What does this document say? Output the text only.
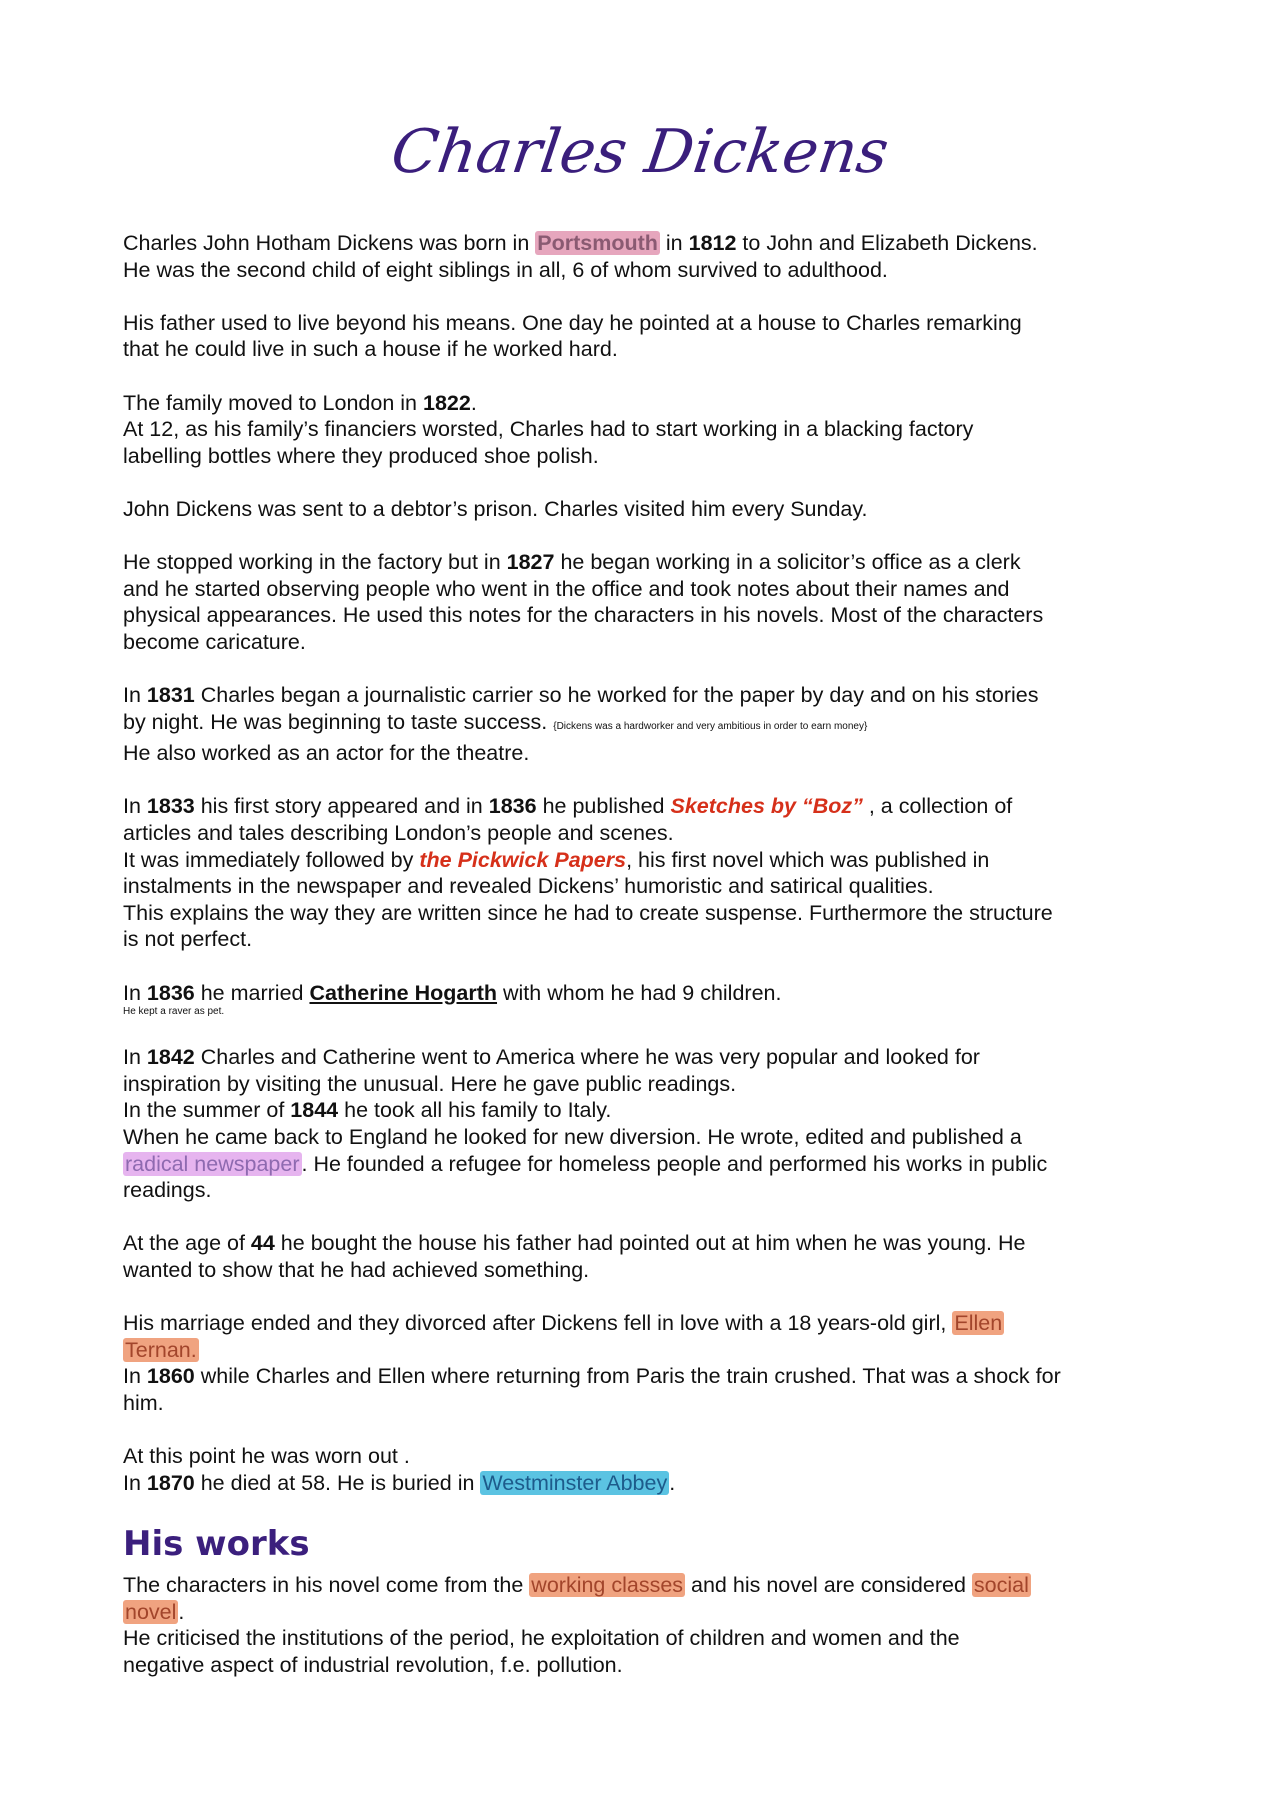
Charles Dickens
Charles John Hotham Dickens was born in Portsmouth in 1812 to John and Elizabeth Dickens.
He was the second child of eight siblings in all, 6 of whom survived to adulthood.
His father used to live beyond his means. One day he pointed at a house to Charles remarking
that he could live in such a house if he worked hard.
The family moved to London in 1822.
At 12, as his family’s financiers worsted, Charles had to start working in a blacking factory
labelling bottles where they produced shoe polish.
John Dickens was sent to a debtor’s prison. Charles visited him every Sunday.
He stopped working in the factory but in 1827 he began working in a solicitor’s office as a clerk
and he started observing people who went in the office and took notes about their names and
physical appearances. He used this notes for the characters in his novels. Most of the characters
become caricature.
In 1831 Charles began a journalistic carrier so he worked for the paper by day and on his stories
by night. He was beginning to taste success. {Dickens was a hardworker and very ambitious in order to earn money}
He also worked as an actor for the theatre.
In 1833 his first story appeared and in 1836 he published Sketches by “Boz” , a collection of
articles and tales describing London’s people and scenes.
It was immediately followed by the Pickwick Papers, his first novel which was published in
instalments in the newspaper and revealed Dickens’ humoristic and satirical qualities.
This explains the way they are written since he had to create suspense. Furthermore the structure
is not perfect.
In 1836 he married Catherine Hogarth with whom he had 9 children.
He kept a raver as pet.
In 1842 Charles and Catherine went to America where he was very popular and looked for
inspiration by visiting the unusual. Here he gave public readings.
In the summer of 1844 he took all his family to Italy.
When he came back to England he looked for new diversion. He wrote, edited and published a
radical newspaper. He founded a refugee for homeless people and performed his works in public
readings.
At the age of 44 he bought the house his father had pointed out at him when he was young. He
wanted to show that he had achieved something.
His marriage ended and they divorced after Dickens fell in love with a 18 years-old girl, Ellen
Ternan.
In 1860 while Charles and Ellen where returning from Paris the train crushed. That was a shock for
him.
At this point he was worn out .
In 1870 he died at 58. He is buried in Westminster Abbey.
His works
The characters in his novel come from the working classes and his novel are considered social
novel.
He criticised the institutions of the period, he exploitation of children and women and the
negative aspect of industrial revolution, f.e. pollution.
